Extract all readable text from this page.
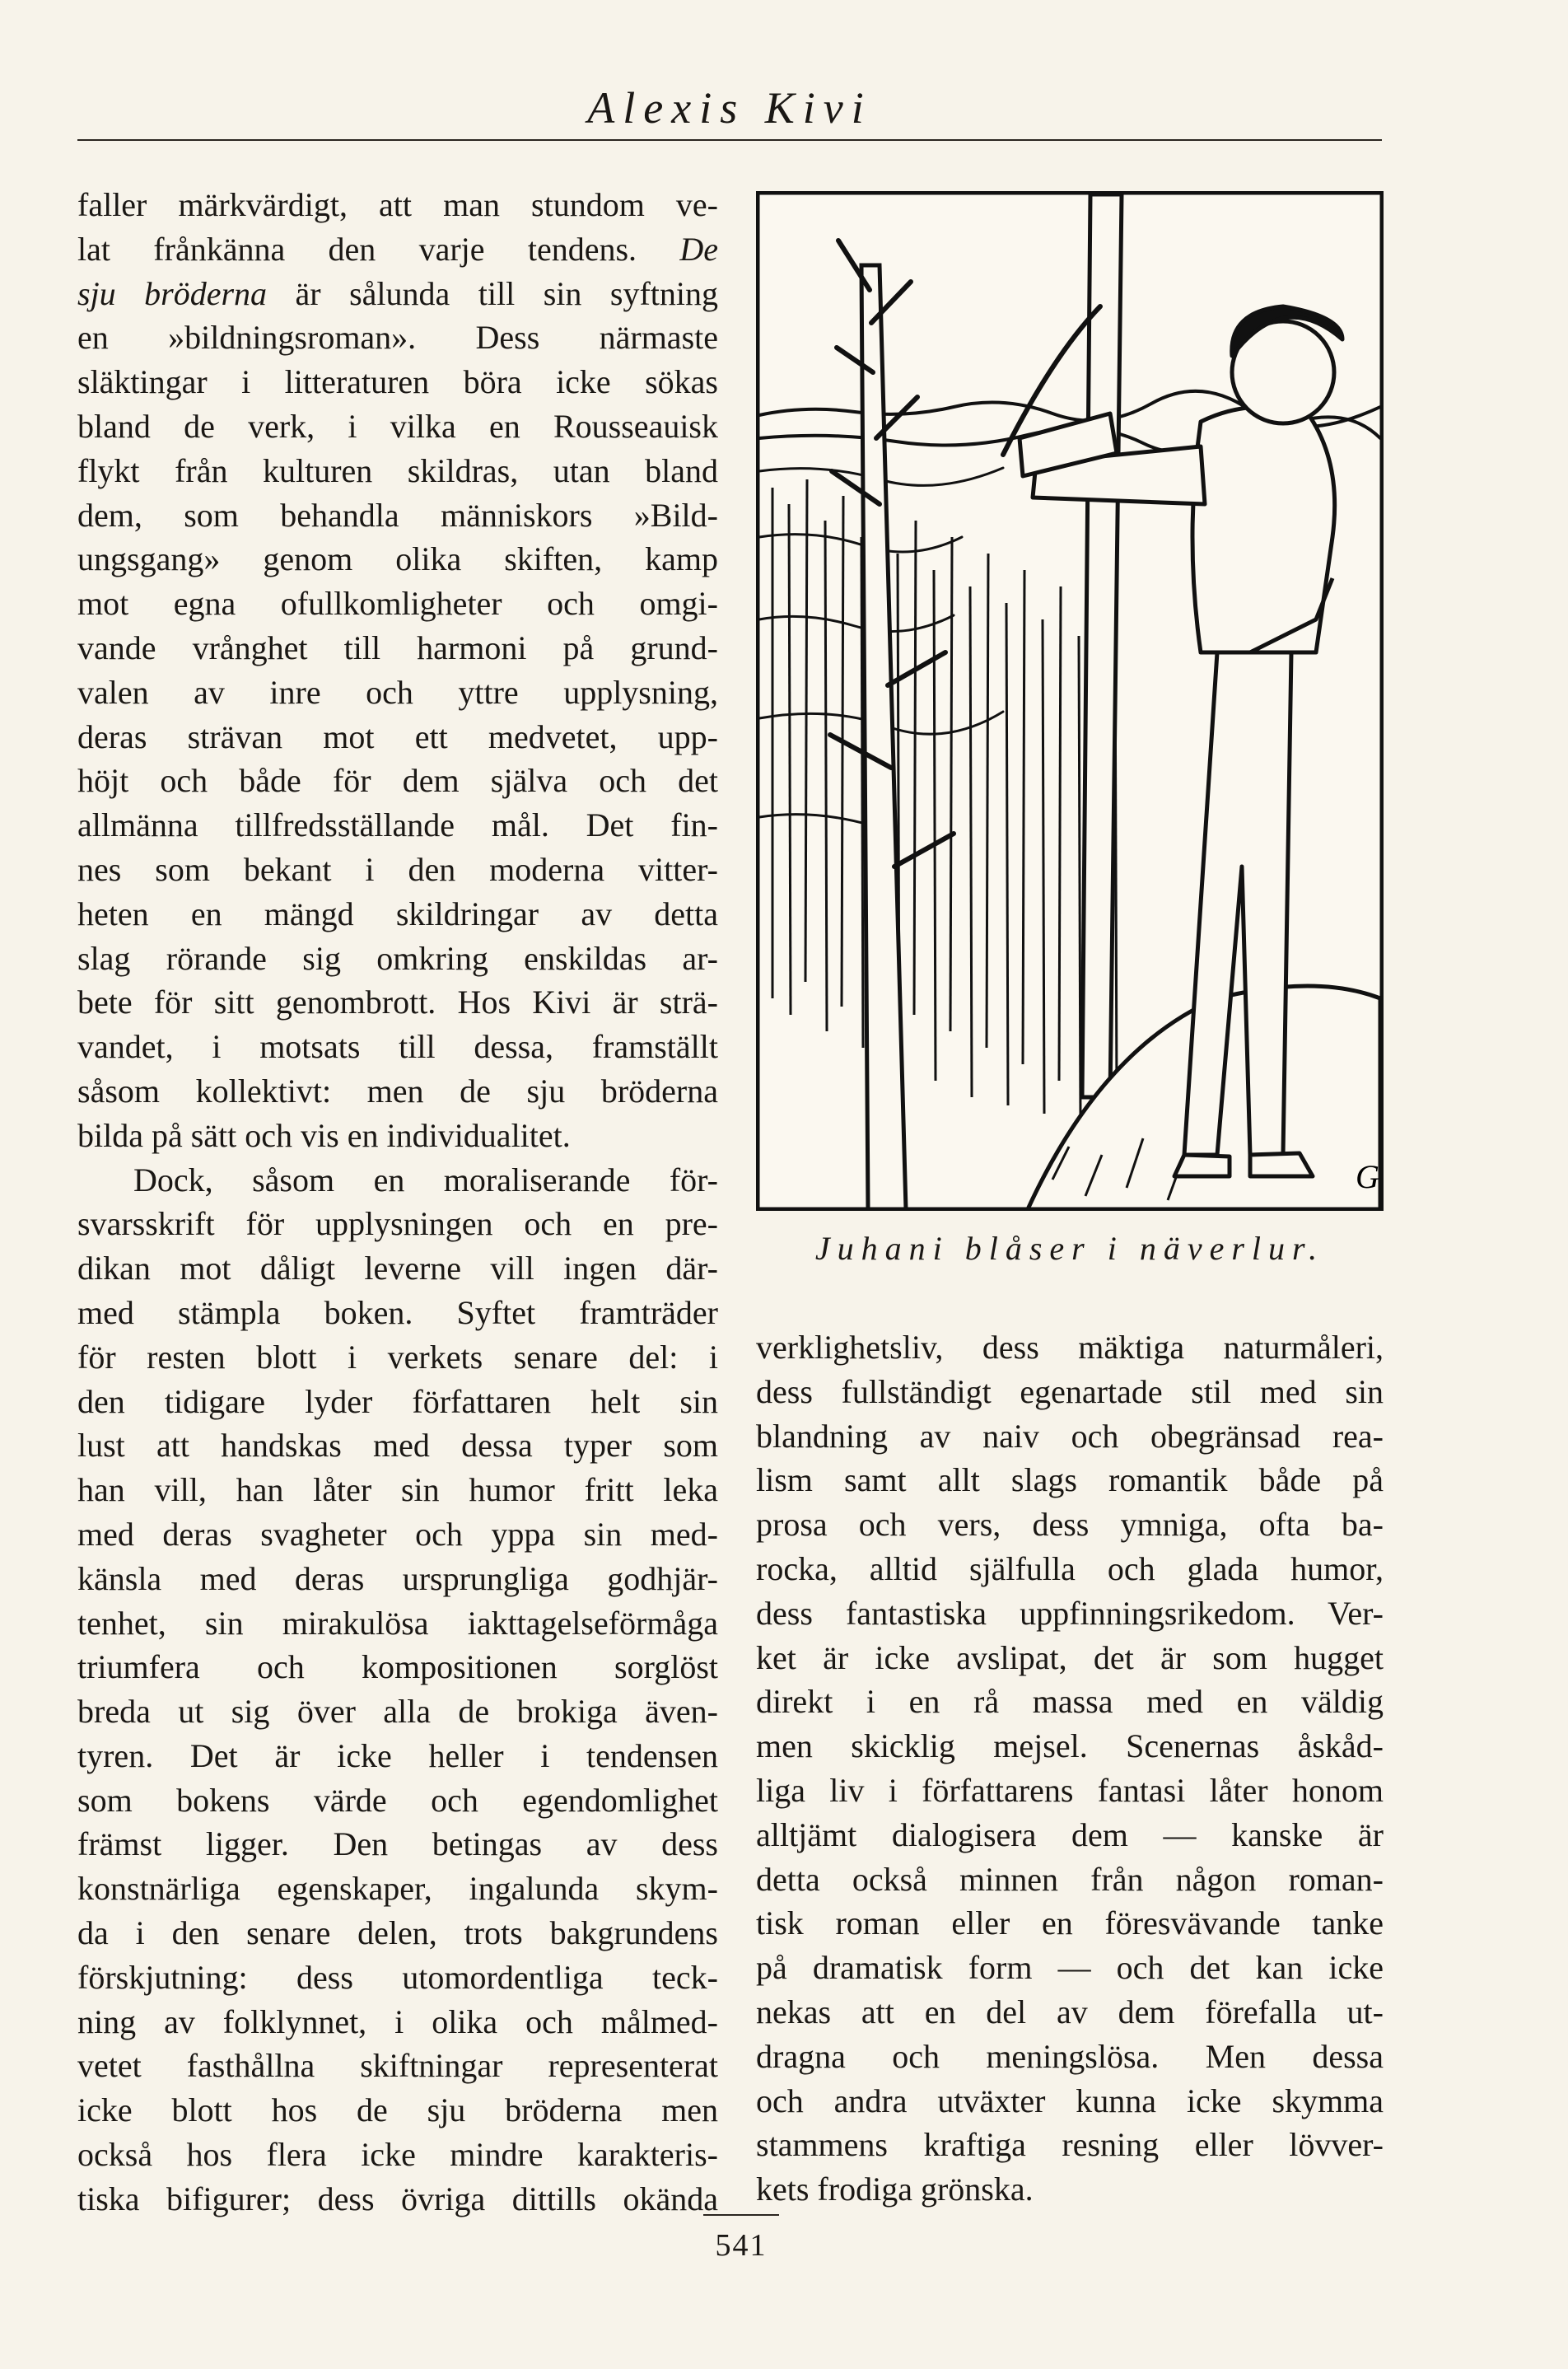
Alexis Kivi
faller märkvärdigt, att man stundom ve-
lat frånkänna den varje tendens. De
sju bröderna är sålunda till sin syftning
en »bildningsroman». Dess närmaste
släktingar i litteraturen böra icke sökas
bland de verk, i vilka en Rousseauisk
flykt från kulturen skildras, utan bland
dem, som behandla människors »Bild-
ungsgang» genom olika skiften, kamp
mot egna ofullkomligheter och omgi-
vande vrånghet till harmoni på grund-
valen av inre och yttre upplysning,
deras strävan mot ett medvetet, upp-
höjt och både för dem själva och det
allmänna tillfredsställande mål. Det fin-
nes som bekant i den moderna vitter-
heten en mängd skildringar av detta
slag rörande sig omkring enskildas ar-
bete för sitt genombrott. Hos Kivi är strä-
vandet, i motsats till dessa, framställt
såsom kollektivt: men de sju bröderna
bilda på sätt och vis en individualitet.
Dock, såsom en moraliserande för-
svarsskrift för upplysningen och en pre-
dikan mot dåligt leverne vill ingen där-
med stämpla boken. Syftet framträder
för resten blott i verkets senare del: i
den tidigare lyder författaren helt sin
lust att handskas med dessa typer som
han vill, han låter sin humor fritt leka
med deras svagheter och yppa sin med-
känsla med deras ursprungliga godhjär-
tenhet, sin mirakulösa iakttagelseförmåga
triumfera och kompositionen sorglöst
breda ut sig över alla de brokiga även-
tyren. Det är icke heller i tendensen
som bokens värde och egendomlighet
främst ligger. Den betingas av dess
konstnärliga egenskaper, ingalunda skym-
da i den senare delen, trots bakgrundens
förskjutning: dess utomordentliga teck-
ning av folklynnet, i olika och målmed-
vetet fasthållna skiftningar representerat
icke blott hos de sju bröderna men
också hos flera icke mindre karakteris-
tiska bifigurer; dess övriga dittills okända
G
Juhani blåser i näverlur.
verklighetsliv, dess mäktiga naturmåleri,
dess fullständigt egenartade stil med sin
blandning av naiv och obegränsad rea-
lism samt allt slags romantik både på
prosa och vers, dess ymniga, ofta ba-
rocka, alltid själfulla och glada humor,
dess fantastiska uppfinningsrikedom. Ver-
ket är icke avslipat, det är som hugget
direkt i en rå massa med en väldig
men skicklig mejsel. Scenernas åskåd-
liga liv i författarens fantasi låter honom
alltjämt dialogisera dem — kanske är
detta också minnen från någon roman-
tisk roman eller en föresvävande tanke
på dramatisk form — och det kan icke
nekas att en del av dem förefalla ut-
dragna och meningslösa. Men dessa
och andra utväxter kunna icke skymma
stammens kraftiga resning eller lövver-
kets frodiga grönska.
541
